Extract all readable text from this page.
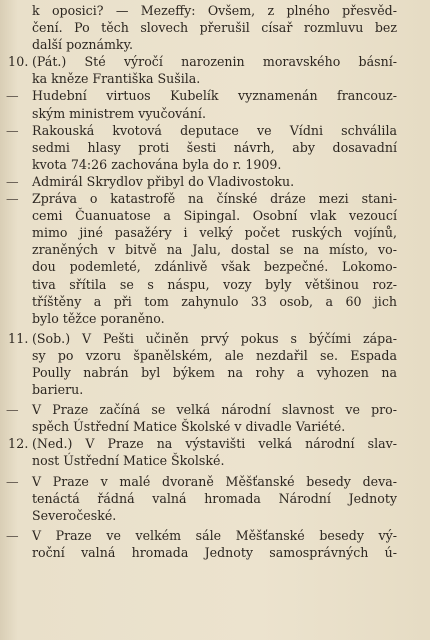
k oposici? — Mezeffy: Ovšem, z plného přesvěd-
čení. Po těch slovech přerušil císař rozmluvu bez
další poznámky.
10. (Pát.) Sté výročí narozenin moravského básní-
ka kněze Františka Sušila.
— Hudební virtuos Kubelík vyznamenán francouz-
ským ministrem vyučování.
— Rakouská kvotová deputace ve Vídni schválila
sedmi hlasy proti šesti návrh, aby dosavadní
kvota 74:26 zachována byla do r. 1909.
— Admirál Skrydlov přibyl do Vladivostoku.
— Zpráva o katastrofě na čínské dráze mezi stani-
cemi Čuanuatose a Sipingal. Osobní vlak vezoucí
mimo jiné pasažéry i velký počet ruských vojínů,
zraněných v bitvě na Jalu, dostal se na místo, vo-
dou podemleté, zdánlivě však bezpečné. Lokomo-
tiva sřítila se s náspu, vozy byly většinou roz-
tříštěny a při tom zahynulo 33 osob, a 60 jich
bylo těžce poraněno.
11. (Sob.) V Pešti učiněn prvý pokus s býčími zápa-
sy po vzoru španělském, ale nezdařil se. Espada
Poully nabrán byl býkem na rohy a vyhozen na
barieru.
— V Praze začíná se velká národní slavnost ve pro-
spěch Ústřední Matice Školské v divadle Variété.
12. (Ned.) V Praze na výstavišti velká národní slav-
nost Ústřední Matice Školské.
— V Praze v malé dvoraně Měšťanské besedy deva-
tenáctá řádná valná hromada Národní Jednoty
Severočeské.
— V Praze ve velkém sále Měšťanské besedy vý-
roční valná hromada Jednoty samosprávných ú-
